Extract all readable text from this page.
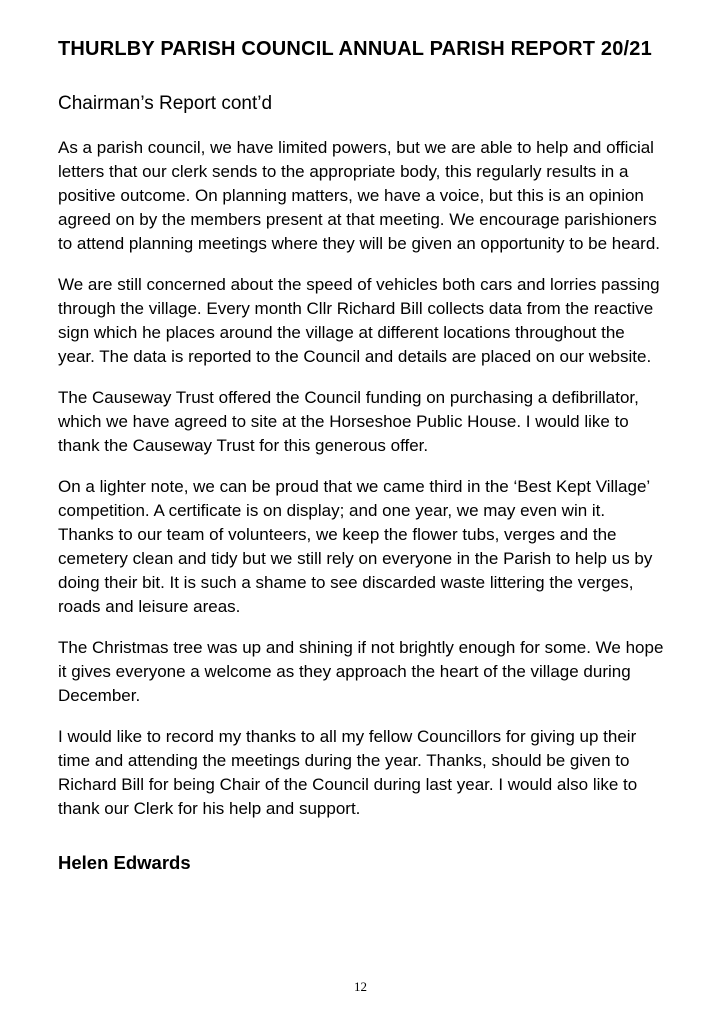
THURLBY PARISH COUNCIL ANNUAL PARISH REPORT 20/21
Chairman’s Report cont’d

As a parish council, we have limited powers, but we are able to help and official letters that our clerk sends to the appropriate body, this regularly results in a positive outcome. On planning matters, we have a voice, but this is an opinion agreed on by the members present at that meeting. We encourage parishioners to attend planning meetings where they will be given an opportunity to be heard.

We are still concerned about the speed of vehicles both cars and lorries passing through the village. Every month Cllr Richard Bill collects data from the reactive sign which he places around the village at different locations throughout the year. The data is reported to the Council and details are placed on our website.

The Causeway Trust offered the Council funding on purchasing a defibrillator, which we have agreed to site at the Horseshoe Public House. I would like to thank the Causeway Trust for this generous offer.

On a lighter note, we can be proud that we came third in the ‘Best Kept Village’ competition. A certificate is on display; and one year, we may even win it. Thanks to our team of volunteers, we keep the flower tubs, verges and the cemetery clean and tidy but we still rely on everyone in the Parish to help us by doing their bit. It is such a shame to see discarded waste littering the verges, roads and leisure areas.

The Christmas tree was up and shining if not brightly enough for some. We hope it gives everyone a welcome as they approach the heart of the village during December.

I would like to record my thanks to all my fellow Councillors for giving up their time and attending the meetings during the year. Thanks, should be given to Richard Bill for being Chair of the Council during last year. I would also like to thank our Clerk for his help and support.

Helen Edwards

12
